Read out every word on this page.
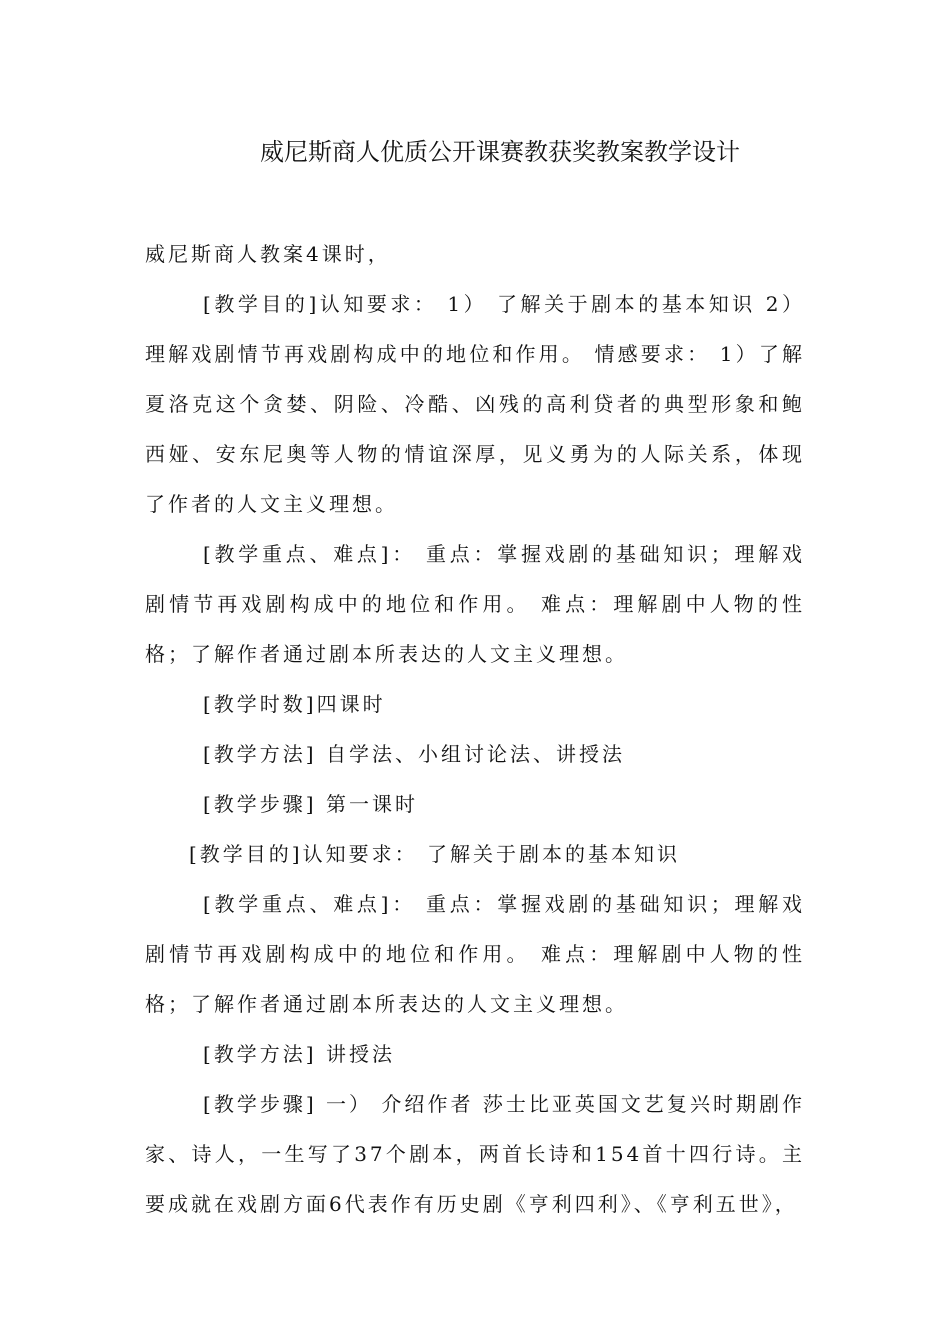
威尼斯商人优质公开课赛教获奖教案教学设计

威尼斯商人教案4课时，

[教学目的]认知要求： 1） 了解关于剧本的基本知识 2） 理解戏剧情节再戏剧构成中的地位和作用。 情感要求： 1）了解夏洛克这个贪婪、阴险、冷酷、凶残的高利贷者的典型形象和鲍西娅、安东尼奥等人物的情谊深厚，见义勇为的人际关系，体现了作者的人文主义理想。

[教学重点、难点]： 重点：掌握戏剧的基础知识；理解戏剧情节再戏剧构成中的地位和作用。 难点：理解剧中人物的性格；了解作者通过剧本所表达的人文主义理想。

[教学时数]四课时

[教学方法] 自学法、小组讨论法、讲授法

[教学步骤] 第一课时

[教学目的]认知要求： 了解关于剧本的基本知识

[教学重点、难点]： 重点：掌握戏剧的基础知识；理解戏剧情节再戏剧构成中的地位和作用。 难点：理解剧中人物的性格；了解作者通过剧本所表达的人文主义理想。

[教学方法] 讲授法

[教学步骤] 一） 介绍作者 莎士比亚英国文艺复兴时期剧作家、诗人，一生写了37个剧本，两首长诗和154首十四行诗。主要成就在戏剧方面6代表作有历史剧《亨利四利》、《亨利五世》，
